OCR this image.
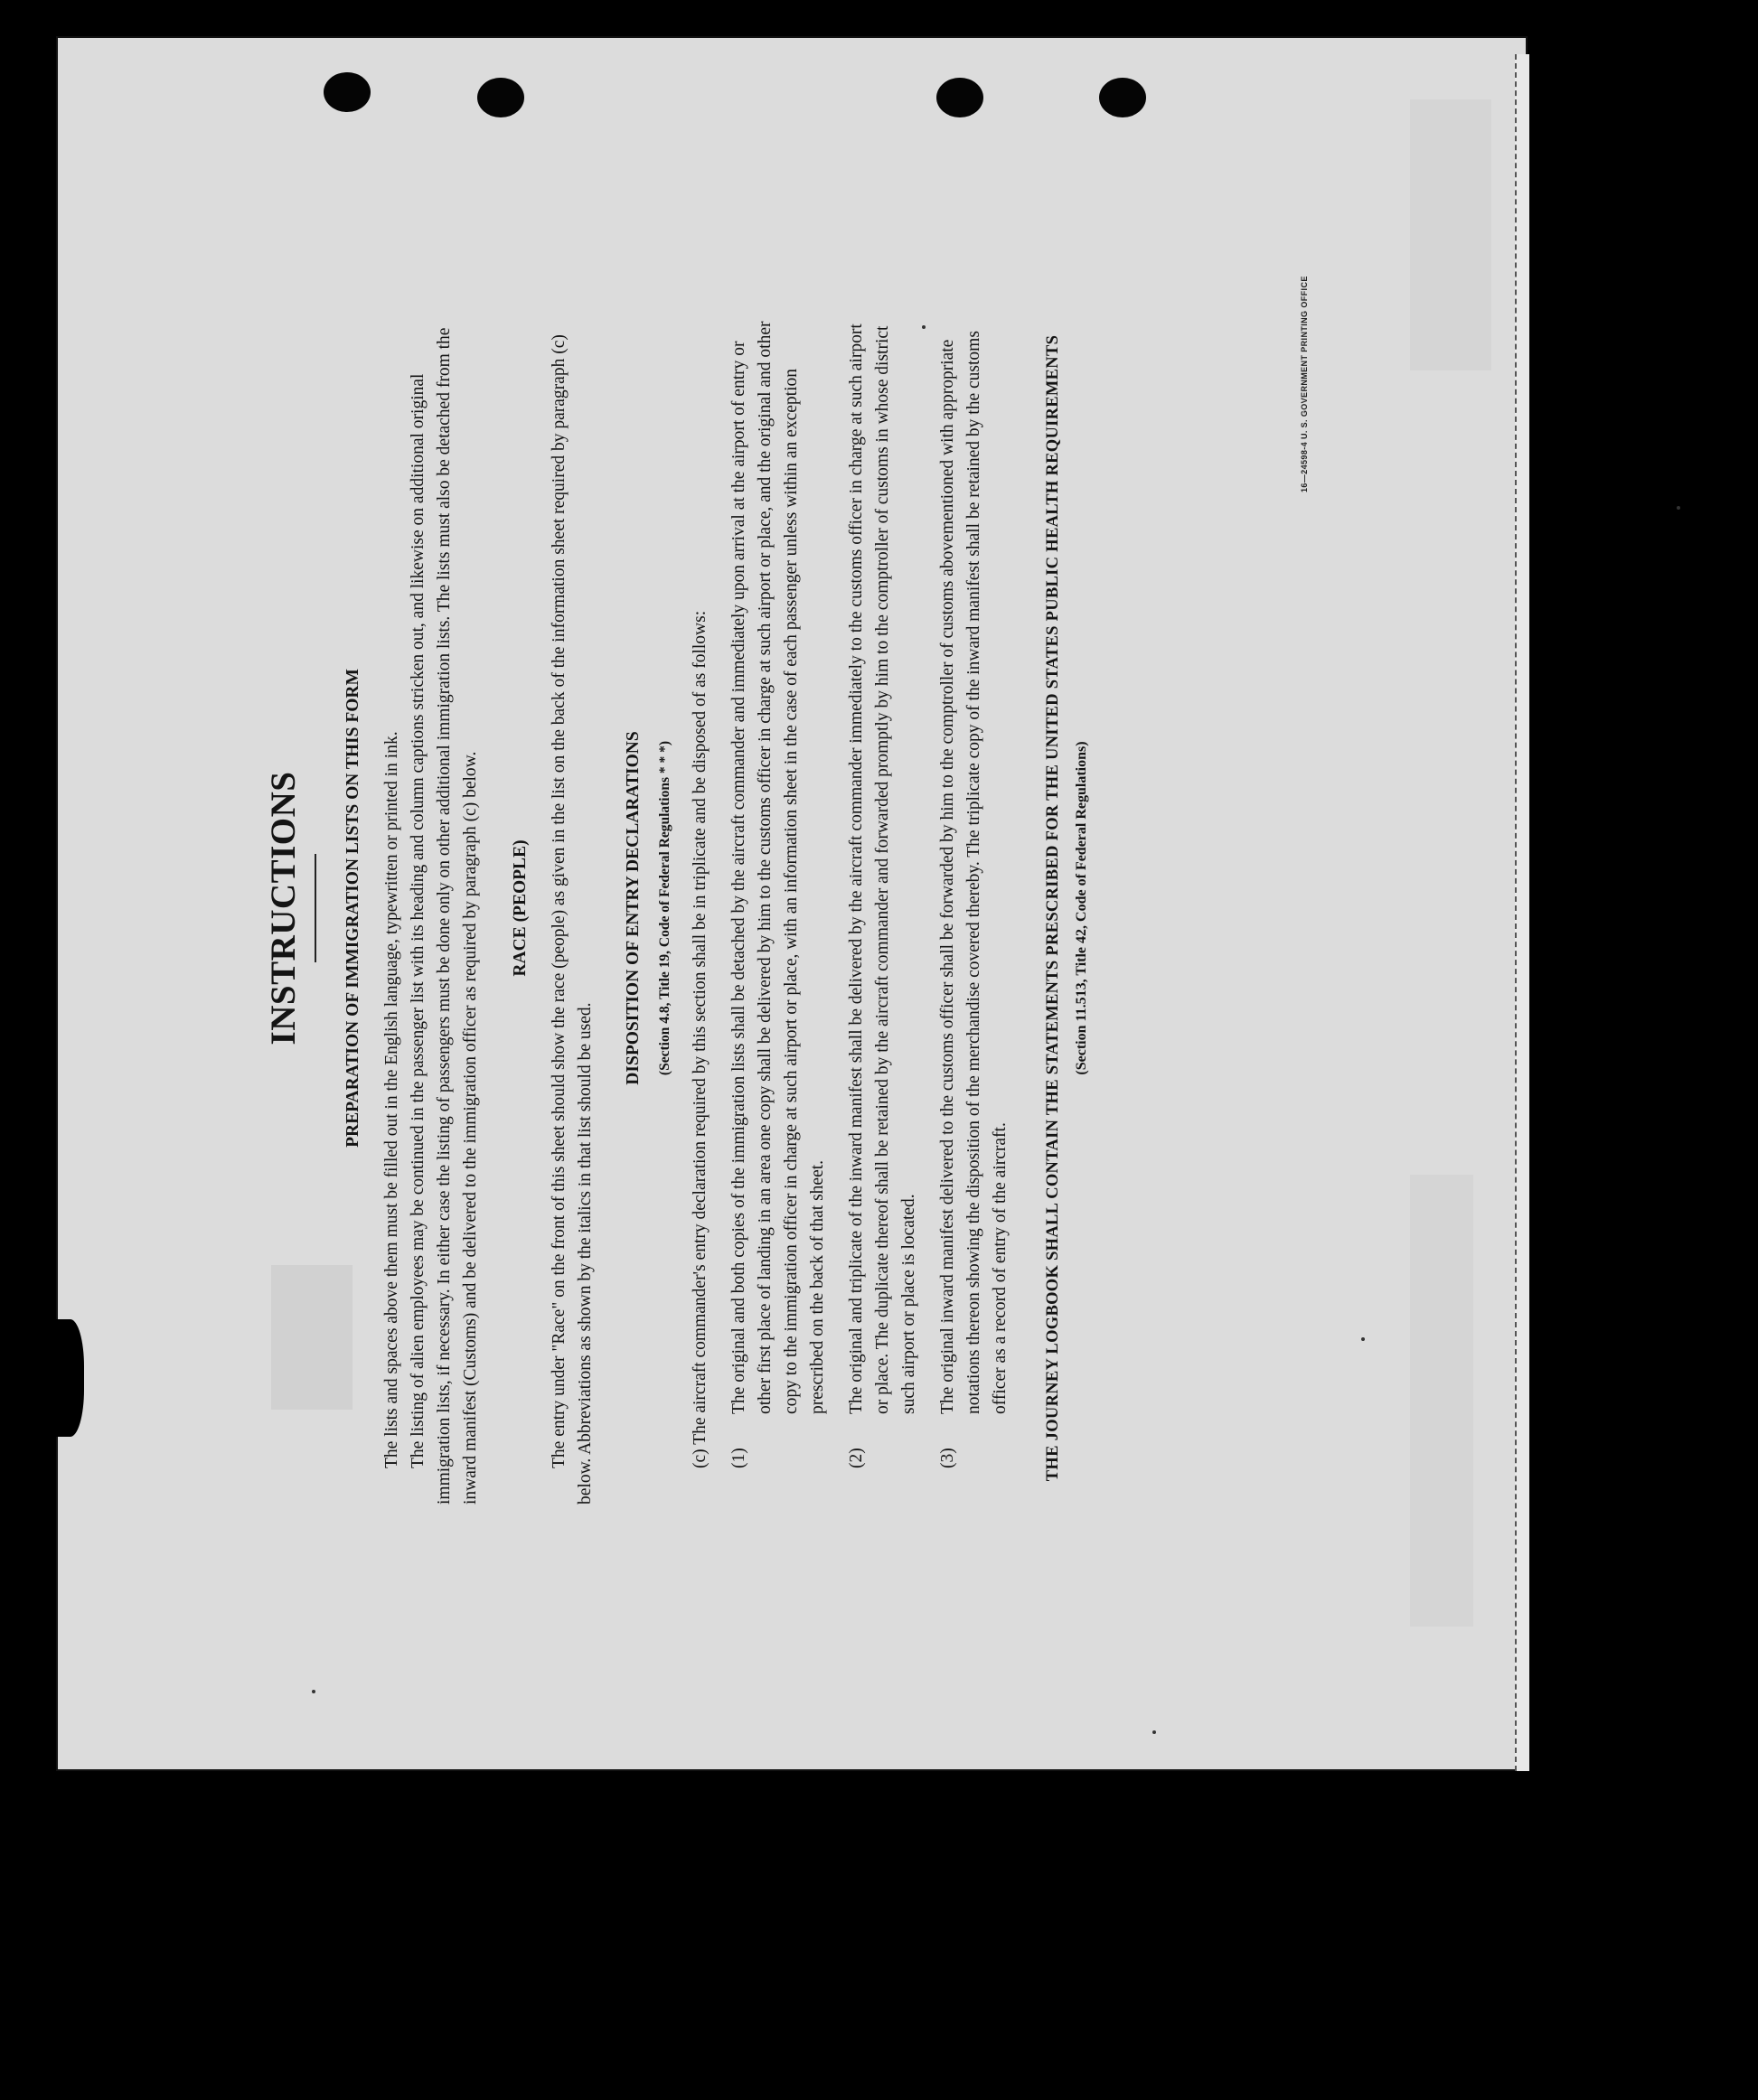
INSTRUCTIONS PREPARATION OF IMMIGRATION LISTS ON THIS FORM The lists and spaces above them must be filled out in the English language, typewritten or printed in ink. The listing of alien employees may be continued in the passenger list with its heading and column captions stricken out, and likewise on additional original immigration lists, if necessary. In either case the listing of passengers must be done only on other additional immigration lists. The lists must also be detached from the inward manifest (Customs) and be delivered to the immigration officer as required by paragraph (c) below. RACE (PEOPLE) The entry under "Race" on the front of this sheet should show the race (people) as given in the list on the back of the information sheet required by paragraph (c) below. Abbreviations as shown by the italics in that list should be used.

DISPOSITION OF ENTRY DECLARATIONS	(Section 4.8, Title 19, Code of Federal Regulations * * *)	(c) The aircraft commander's entry declaration required by this section shall be in triplicate and be disposed of as follows: (1)
The original and both copies of the immigration lists shall be detached by the aircraft commander and immediately upon arrival at the airport of entry or other first place of landing in an area one copy shall be delivered by him to the customs officer in charge at such airport or place, and the original and other copy to the immigration officer in charge at such airport or place, with an information sheet in the case of each passenger unless within an exception prescribed on the back of that sheet.
(2)
The original and triplicate of the inward manifest shall be delivered by the aircraft commander immediately to the customs officer in charge at such airport or place. The duplicate thereof shall be retained by the aircraft commander and forwarded promptly by him to the comptroller of customs in whose district such airport or place is located.
(3)
The original inward manifest delivered to the customs officer shall be forwarded by him to the comptroller of customs abovementioned with appropriate notations thereon showing the disposition of the merchandise covered thereby. The triplicate copy of the inward manifest shall be retained by the customs officer as a record of entry of the aircraft. THE JOURNEY LOGBOOK SHALL CONTAIN THE STATEMENTS PRESCRIBED FOR THE UNITED STATES PUBLIC HEALTH REQUIREMENTS (Section 11.513, Title 42, Code of Federal Regulations)
16—24598-4 U. S. GOVERNMENT PRINTING OFFICE
